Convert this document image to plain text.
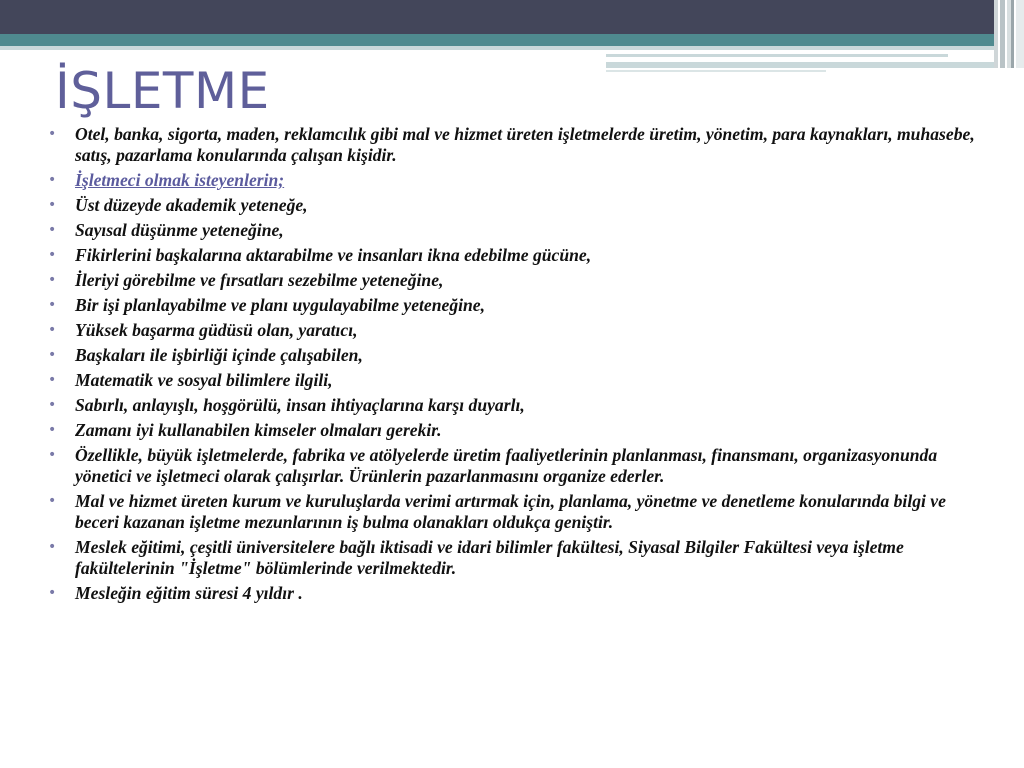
İŞLETME
• Otel, banka, sigorta, maden, reklamcılık gibi mal ve hizmet üreten işletmelerde üretim, yönetim, para kaynakları, muhasebe, satış, pazarlama konularında çalışan kişidir.
• İşletmeci olmak isteyenlerin;
• Üst düzeyde akademik yeteneğe,
• Sayısal düşünme yeteneğine,
• Fikirlerini başkalarına aktarabilme ve insanları ikna edebilme gücüne,
• İleriyi görebilme ve fırsatları sezebilme yeteneğine,
• Bir işi planlayabilme ve planı uygulayabilme yeteneğine,
• Yüksek başarma güdüsü olan, yaratıcı,
• Başkaları ile işbirliği içinde çalışabilen,
• Matematik ve sosyal bilimlere ilgili,
• Sabırlı, anlayışlı, hoşgörülü, insan ihtiyaçlarına karşı duyarlı,
• Zamanı iyi kullanabilen kimseler olmaları gerekir.
• Özellikle, büyük işletmelerde, fabrika ve atölyelerde üretim faaliyetlerinin planlanması, finansmanı, organizasyonunda yönetici ve işletmeci olarak çalışırlar. Ürünlerin pazarlanmasını organize ederler.
• Mal ve hizmet üreten kurum ve kuruluşlarda verimi artırmak için, planlama, yönetme ve denetleme konularında bilgi ve beceri kazanan işletme mezunlarının iş bulma olanakları oldukça geniştir.
• Meslek eğitimi, çeşitli üniversitelere bağlı iktisadi ve idari bilimler fakültesi, Siyasal Bilgiler Fakültesi veya işletme fakültelerinin "İşletme" bölümlerinde verilmektedir.
• Mesleğin eğitim süresi 4 yıldır .
